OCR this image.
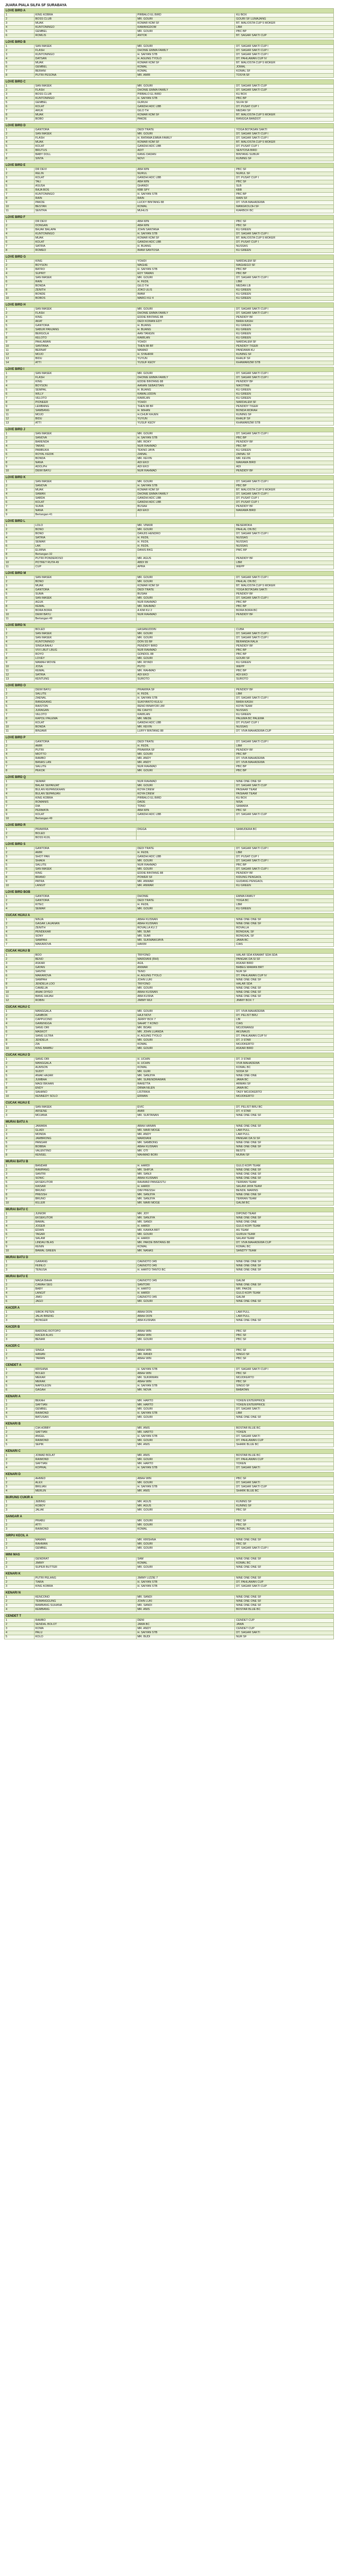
JUARA PIALA SILFA SF SURABAYA
LOVE BIRD A
1	KING KOBRA	PIRBALO EL BIRD	KU BOX
2	BOSS CLUB	MR. GOURI	GOURI SF LUMAJANG
3	MUAK	KOMAR KDM SF	BT. MALIOSTA CUP 5 MOKER
4	KUNTONINGO	KAMANGDOM	LBM
5	GEMBEL	MR. GOURI	PBC BP
6	ROMLIS	ANTOK	BT. SAGAR SAKTI CUP
LOVE BIRD B
1	SAN MASEK	MR. GOURI	DT. SAGAR SAKTI CUP I
2	FLASH	DHONIE EMMA FAMILY	DT. SAGAR SAKTI CUP I
3	KUNTONINGO	H. SAIYAN STB	DT. SAGAR SAKTI CUP I
4	DATSAN	H. AGUNG TYOLO	DT. PAHLAWAN CUP IV
5	MUAK	KOMAR KDM SF	BT. MALIOSTA CUP 5 MOKER
6	GEMBEL	KOMAL	JOMAL
7	BERANI	KOMAL	KOMAL SF
8	PUTRI PESONA	MR. AMIR	TOSYA SF
LOVE BIRD C
1	SAN MASEK	MR. GOURI	DT. SAGAR SAKTI CUP
2	FLASH	DHONIE EMMA FAMILY	DT. SAGAR SAKTI CUP
3	BOSS CLUB	PIRBALO EL BIRD	KU BOX
4	KUNTONINGO	H. SAIYAN STB	PBC BP
5	GEMBEL	GURUH	SILFA SF
6	KOLAT	GANDHI ADC LBB	DT. PUSAT CUP I
7	ARUK	GILO TH	MEDAN SF
8	MUAK	KOMAR KDM SF	BT. MALIOSTA CUP 5 MOKER
9	BOBO	PAKDE	RANGGA BANDOT
LOVE BIRD D
1	GANTORA	DEDI TRATE	YOGA BOTASAN SAKTI
2	SAN MASEK	MR. GOURI	DT. SAGAR SAKTI CUP I
3	FLASH	H. RATAMA EMMA FAMILY	DT. SAGAR SAKTI CUP I
4	MUAK	KOMAR KDM SF	BT. MALIOSTA CUP 5 MOKER
5	KOLAT	GANDHI ADC LBB	DT. PUSAT CUP I
6	BRUTUS	ADIT	SENTOSA BIRD
7	BABY DOLL	KANG DADAN	BINTANG SUBUR
8	SINTA	NOVI	KUNING SF
LOVE BIRD E
1	DR DEVI	ABA WIN	PBC SF
2	RELIN	NURUL	NURUL SF
3	KOLAT	GANDHI ADC LBB	DT. PUSAT CUP I
4	TALI	ABA WIN	PBC SF
5	ASUSA	GHANDI	SLB
6	RAJA BOS	KBB SPY	KBB
7	KUNTONINGO	H. SAIYAN STB	PBC BP
8	RAIN	RAIN	RAIN SF
9	PAKDE	LUCKY BINTANG 88	DT. VIVA MAHADEWA
10	BESTAN	KOMAL	MANGKOLOH SF
11	SENTRA	MUHLIS	KIARBOX BC
LOVE BIRD F
1	DR DEVI	ABA WIN	PBC SF
2	DONGAN	ABA WIN	PBC SF
3	BAJAK BALAPA	JOHN SANTANA	KU GREEN
4	KUNTONINGO	H. SAIYAN STB	DT. SAGAR SAKTI CUP I
5	MUAK	KOMAR KDM SF	BT. MALIOSTA CUP 5 MOKER
6	KOLAT	GANDHI ADC LBB	DT. PUSAT CUP I
7	SATRIA	H. BUANG	NUSSAS
8	ROMEO	IMAM SANTOSA	KU GREEN
LOVE BIRD G
1	KING	YOHDI	NARDALEM SF
2	BOYSON	MAGHE	MAGHEGO SF
3	BATRO	H. SAIYAN STB	PBC BP
4	SUPRIT	EDY TAMAN	PBC BP
5	SAN MASEK	MR. GOURI	DT. SAGAR SAKTI CUP I
6	RAIN	H. FEDIL	LBM
7	BONDA	GILO TH	MEDAN LB
8	ZENITH	JOKO ULIS	KU GREEN
9	BONDE	IMAM	KU GREEN
10	BOBOS	MARCI KU 4	KU GREEN
LOVE BIRD H
1	SAN MASEK	MR. GOURI	DT. SAGAR SAKTI CUP I
2	FLASH	DHONIE EMMA FAMILY	DT. SAGAR SAKTI CUP I
3	KING	EDDIE BINTANG 88	PENDIDY BF
4	AKAT	DEDI KOMAN EDY	BARA KASIH
5	GANTORA	H. BUANG	KU GREEN
6	SABUR PANJANG	H. BUANG	KU GREEN
7	BERGOLA	AAN TANGIN	KU GREEN
8	KELOTO	KAWILAN	KU GREEN
9	PAHLAWAN	YOHDI	NARDALEM SF
10	SANTANA	THEN 88 BF	PENDIDY TIGER
11	BERNAT	MAMAD	PANDAWA KU
12	MOJO	H. SYAHRIR	KUNING SF
13	BIDU	YUYUN	KHALIF SF
14	ATTI	YUSUF KEDY	KHAWARIZMI STB
LOVE BIRD I
1	SAN MASEK	MR. GOURI	DT. SAGAR SAKTI CUP I
2	FLASH	DHONIE EMMA FAMILY	DT. SAGAR SAKTI CUP I
3	KING	EDDIE BINTANG 88	PENDIDY BF
4	BOYSON	AANAN SEBASTIAN	NIKOTINE
5	SEMPAL	H. BUANG	KU GREEN
6	WILLY	KAMALUDDIN	KU GREEN
7	VELOTO	KAWILAN	KU GREEN
8	PIONEER	YOHDI	NARDALEM SF
9	LEMBANG	THEN 88 BF	PENDIDY TIGER
10	SAMBANG	H. MIHAN	BONDA MORAH
11	MOJO	H.CHUR KAJEN	KUNING SF
12	BIDU	YUYUN	KHALIF SF
13	ATTI	YUSUF KEDY	KHAWARIZMI STB
LOVE BIRD J
1	SAN MASEK	MR. GOURI	DT. SAGAR SAKTI CUP I
2	SANOVA	H. SAIYAN STB	PBC BP
3	BARENDA	MR. ROKY	PENDIDY BF
4	TARAS	NUR RAHMAD	PBC BP
5	PAMBUKA	TEKNO JAYA	KU GREEN
6	ROYAL KEDIK	ZAINAL	ZAINAL SF
7	BONDA	MR. KEVIN	MR. KEVIN
8	NANA	ADI EKO	MAKAMA BIRD
9	ADOLPH	ADI EKO	ADI
10	DEWI BAYU	NUR RAHMAD	PENDIDY BF
LOVE BIRD K
1	SAN MASEK	MR. GOURI	DT. SAGAR SAKTI CUP I
2	SANOVA	H. SAIYAN STB	PBC BP
3	MUAK	KOMAR KDM SF	BT. MALIOSTA CUP 5 MOKER
4	SAMAN	DHONIE EMMA FAMILY	DT. SAGAR SAKTI CUP I
5	SABDA	GANDHI ADC LBB	DT. PUSAT CUP I
6	KOLAT	GANDHI ADC LBB	DT. PUSAT CUP I
7	SUMA	BUSAH	PENDIDY BF
8	NANA	ADI EKO	MAKAMA BIRD
9	Bertangan 41		
LOVE BIRD L
1	LOLO	MR. VINKIR	BESEMOKA
2	BONO	MR. GOURI	PAHLAL ON BC
3	BONO	DANJIS HENDRO	DT. SAGAR SAKTI CUP I
4	SATRIA	H. FEDIL	NUSSAS
5	SEMAR	H. FEDIL	NUSSAS
6	LAK	H. FEDIL	NUSSAS
7	ELMINA	DANIS BKG	PMC BP
8	Bertangan 32		
9	PUTRI PONDEROSO	MR. AGUS	PENDIDY BF
10	POTRET RUTA 49	ABDI 99	LBM
11	CUP	APRA	WEPP
LOVE BIRD M
1	SAN MASEK	MR. GOURI	DT. SAGAR SAKTI CUP I
2	BONO	MR. GOURI	PAHLAL ON BC
3	MUAK	KOMAR KDM SF	BT. MALIOSTA CUP 5 MOKER
4	GANTORA	DEDI TRATE	YOGA BOTASAN SAKTI
5	SUMA	BUSAH	PENDIDY BF
6	SAN MASEK	MR. GOURI	DT. SAGAR SAKTI CUP I
7	AGUK	NUR RAHMAD	PBC BP
8	KEMAL	MR. RAHMAD	PBC BP
9	BORA BORA	A KIM KU 2	BORA BORA BC
10	DEWI BAYU	NUR RAHMAD	PENDIDY BF
11	Bertangan 49		
LOVE BIRD N
1	BOLED	HASANUDDIN	CUBA
2	SAN MASEK	MR. GOURI	DT. SAGAR SAKTI CUP I
3	SAN MASEK	MR. GOURI	DT. SAGAR SAKTI CUP I
4	KUNTONINGO	DON SS BF	BERANDA RALA
5	SINGA BAHU	PENDIDY BIRD	PENDIDY BF
6	VIVI LBUT LBUG	NUR RAHMAD	PBC BP
7	ROYO	GONDOL 88	PBC BP
8	LOVEY	MR. GOURI	GOURI SF
9	MAMAH MOVIE	MR. RIYADI	KU GREEN
10	JOSA	PUTO	WEPP
11	KEMAL	MR. RAHMAD	PBC BP
12	SATRIA	ADI EKO	ADI EKO
13	KENTUNG	SUROTO	SUROTO
LOVE BIRD O
1	DEWI BAYU	PRAWIRA SF	PENDIDY BF
2	SALUTE	H. FEDIL	LBM
3	ZAENAL	H. SAIYAN STB	DT. SAGAR SAKTI CUP I
4	RANGKANG	SUKIYANTO KULIU	BARA KASIH
5	RAISTON	RENO BINAYOR LBF	KOYA TEAM
6	JURAGAN	RE CAHYO	NUSSAS
7	VELOTO	KAWILAN	KU GREEN
8	KAPOLI PALEMA	MR. MEDE	PALEMA BC PALEMA
9	KOLAT	GANDHI ADC LBB	DT. PUSAT CUP I
10	BONDA	MR. KEVIN	NUSSAS
11	BINJAMI	LUFFY BINTANG 88	DT. VIVA MAHADEWA CUP
LOVE BIRD P
1	GANTORA	DEDI TRATE	DT. SAGAR SAKTI CUP I
2	AMIR	H. FEDIL	LBM
3	PUTRI	PRAWIRA SF	PENDIDY BF
4	MIOTTO	MR. GOURI	PBC BP
5	RAMBO	MR. ANDY	DT. VIVA MAHADEWA
6	BANAS LAN	MR. ANDY	DT. VIVA MAHADEWA
7	SALUTE	NUR RAHMAD	PBC BP
8	PEKOK	MR. GOURI	PBC BP
LOVE BIRD Q
1	SEMAR	NUR RAHMAD	NINE ONE ONE SF
2	BALAK SEPANJAT	MR. GOURI	DT. SAGAR SAKTI CUP
3	BULAN KEPANGKAAN	KOYA CREW	PASIAAR TEAM
4	BULAN SEPANJAN	KOYA CREW	PASIAAR TEAM
5	KING KOBRA	PIRBALO EL BIRD	KU BOX
6	ROMANIS	DADE	NISA
7	DIA	TONO	SAMARA
8	PERMATA	ABA WIN	PBC SF
9	KOLAT	GANDHI ADC LBB	DT. SAGAR SAKTI CUP
10	Bertangan 49		
LOVE BIRD R
1	PRAWIRA	DIGGA	SAMUDERA BC
2	BOLED		
3	BOSS KIJIL		
LOVE BIRD S
1	GANTORA	DEDI TRATE	DT. SAGAR SAKTI CUP I
2	AMIR	H. FEDIL	LBM
3	SHOT PAN	GANDHI ADC LBB	DT. PUSAT CUP I
4	SHAKA	MR. GOURI	DT. SAGAR SAKTI CUP I
5	SALUTE	NUR RAHMAD	PBC BP
6	SAN MASEK	MR. GOURI	DT. SAGAR SAKTI CUP I
7	KING	EDDIE BINTANG 88	PENDIDY BF
8	BRANO	POWER SF	KIDUNG PENGAOL
9	PATRA	MR. ANWAR	GUDANG PENGAOL
10	LANGIT	MR. ANWAR	KU GREEN
LOVE BIRD BOB
1	GANTORA	DHONIE	EMMA FAMILY
2	GANTORA	DEDI TRATE	YOGA BC
3	KITEC	H. FEDIL	LBM
4	SEMAR	MR. GOURI	KU GREEN
CUCAK HIJAU A
1	NINJA	ABAH KUSNAN	NINE ONE ONE SF
2	GAGAK LAUANAN	ABAH KUSNAN	NINE ONE ONE SF
3	ZENITH	ROVALLA KU 2	ROVALLA
4	PENDEKAR	MR. SUMI	BONGKAL SF
5	SONY	MR. SUMI	BONGKAL SF
6	SAMPAH	MR. SUKMAWIJAYA	JAWA BC
7	MAKAROVA	HAKIM	CIAS
CUCAK HIJAU B
1	BOO	TRIYONO	HALAR SDA KRAMAT SDA SDA
2	BENO	MARDIANI (RHI)	PANGAK DA SI SF
3	ASKAR	AGIL	ASKAR BIRD
4	GAYAN	ANWAR	BABEG MAWAN BRT
5	SANTRI	TENO	NUR SF
6	MAKAROVA	H. AGUNG TYOLO	DT. PAHLAWAN CUP IV
7	SAMPAH	JOHN LUKI	NINE ONE ONE SF
8	JENDELA LOO	TRIYONO	HALAR SDA
9	CAMELIA	MR. GOURI	NINE ONE ONE SF
10	ANAK DIYEO	ABAH KUSNAN	NINE ONE ONE SF
11	BANG HAJAH	ABA KUSNA	NINE ONE ONE SF
12	ROBIN	JIMMY MUI	JIMMY BOX 7
CUCAK HIJAU C
1	MANGGALA	MR. GOURI	DT. VIVA MAHADEWA
2	GAMBOK	HAJI NOVI	DT. PELIST BRU
3	CAPPUCINO	JERRY BOX 7	LBI
4	GARENGGA	SAHAT 7 KONO	CIAS
5	SANG ORI	MR. BOAN	MOJOWANGI
6	MASKOT	MR. JOHN LUANDA	AKUNAUS
7	SANG ULTRA	H. AGUNG TYOLO	DT. PAHLAWAN CUP IV
8	JENDELA	MR. GOURI	DT. 3 STAR
9	ZIA	KOMAL	MOJOKERTO
10	KING BAMBU	MR. GOURI	ASKAR BIRD
CUCAK HIJAU D
1	SANG ORI	H. UCHIN	DT. 3 STAR
2	MANGGALA	H. UCHIN	VIVA MAHADEWA
3	AUMSON	KOMAL	KOMAL BC
4	SUDIT	MR. GURI	SODA SF
5	ANAK HAJAR	MR. SANJIYA	NINE ONE ONE
6	JUMBAA	MR. SURENDRAWAN	JAWA BC
7	MAGI BIKAAN	RAKETTA	ARMAN SF
8	ENDY	DRMA NILEN	JAWA BC
9	SAHANO	LISTRIKA	TASY MOJOKERTO
10	KENNEDY SOLO	ERWAN	MOJOKERTO
CUCAK HIJAU E
1	SAN MASEK	EVIC	DT. PELIST BRU BC
2	ARSENE	AMIR	DT. 4 STAR
3	MOJANA	MR. SURTANAN	NINE ONE ONE SF
MURAI BATU A
1	JAWARA	ABAH HANAN	NINE ONE ONE SF
2	GLADI	MR. MARI MOGE	LAM PULL
3	MONDA	MR. ANDY	LAM PULL
4	JAMBRONG	MARDIANI	PANGAK DA SI SF
5	PANGAR	MR. SAMBONG	NINE ONE ONE SF
6	BOBBIA	ABAH KUSNAN	NINE ONE ONE SF
7	VALENTINO	MR. OTI	BESTS
8	KENSEL	MAHMAD BORI	MURAI SF
MURAI BATU B
1	BANDAR	H. HARDI	GULO KOPI TEAM
2	RAMPANG	MR. SHIPJA	NINE ONE ONE SF
3	SANTRI	MR. SANJI	NINE ONE ONE SF
4	SONIC	ABAH KUSNAN	NINE ONE ONE SF
5	EKSEKUTOR	RAHMAD PANGESTU	TERRAN TEAM
6	KAISAR	H. HARDI	SALAM JAYA TEAM
7	BRUNO	DIM PRESSH	BENDIL MARINS
8	PRESSH	MR. SANJIYA	NINE ONE ONE SF
9	BRUNO	MR. SANJIYA	TERRAN TEAM
10	KILLER	MR. MARI MOGE	GALIM BC
MURAI BATU C
1	JUNIOR	MR. JOY	DIPONO TEAM
2	EKSEKUTOR	MR. SANJIYA	NINE ONE ONE SF
3	BAWAL	MR. SANDI	NINE ONE ONE
4	JOGER	H. HARDI	GULO KOPI TEAM
5	EDIAN	MR. KAWKA BRT	AS TEAM
6	TAGAR	MR. GOURI	GURUH TEAM
7	SALAM	H. HARDI	SALAM TEAM
8	LINDAU BLAS	MR. PAKDE BINTANG 88	DT. VIVA MAHADEWA CUP
9	KENIN	KOMAL	KOMAL BC
10	BAWAL GREEN	MR. NANAS	SANDTY TEAM
MURAI BATU D
1	GARANG	CAENOTO 345	NINE ONE ONE SF
2	FEINLO	CAENOTO 345	NINE ONE ONE SF
3	TENUSA	H. HARTO TANTO BC	NINE ONE ONE SF
MURAI BATU E
1	MAGA BAHA	CAENOTO 345	GALIM
2	CAMAH SEG	SANTORI	NINE ONE ONE SF
3	BABY	H. HARTO	MR. PAKDE
4	LANGIT	H. HARDI	GULO KOPI TEAM
5	JIMO	CAENOTO 345	GALIM
6	JAGO	MR. GOURI	NINE ONE ONE SF
KACER A
1	SIBOK PETEN	ABAH DON	LAM PULL
2	JALAI BRENG	ABAH DON	LAM PULL
3	BONGER	ABA KUSNAN	NINE ONE ONE SF
KACER B
1	BARONG ROTOPO	ABAH WIN	PBC SF
2	KACER ALAS	ABAH WIN	PBC SF
3	BENAR	MR. GOURI	PBC SF
KACER C
1	SINGA	ABAH WIN	PBC SF
2	HANAN	MR. RANDI	SINGO SF
3	TAMAN	ABAH WIN	PBC SF
CENDET A
1	KRISHNA	H. SAIYAN STB	DT. SAGAR SAKTI CUP I
2	BOLED	ABAH WIN	PBC SF
3	MEKAR	MR. SUKIRMAN	MOJOKERTO
4	MERAK	ABAH WIN	PBC SF
5	NAPOLEON	H. SAIYAN STB	SINGO SF
6	GAGAH	MR. NOVA	BABATAN
KENARI A
1	BEKAH	MR. HARTO	YOKEN ENTERPRICE
2	SAFTIAN	MR. HARTO	YOKEN ENTERPRICE
3	GEMBEL	MR. GOURI	DT. SAGAR SAKTI
4	RAIMOND	H. SAIYAN STB	LBM
5	BATUSAN	MR. GOURI	NINE ONE ONE SF
KENARI B
1	CIA HOBBY	MR. ANIS	BOSTAR BLUE BC
2	SAFTIAN	MR. HARTO	YOKEN
3	ANGEL	H. SAIYAN STB	DT. SAGAR SAKTI
4	RAIMOND	MR. GOURI	DT. PAHLAWAN CUP
5	SEPIK	MR. ANIS	SHARK BLUE BC
KENARI C
1	JOMAD BOLAT	MR. ANIS	BOSTAR BLUE BC
2	RAIMOND	MR. GOURI	DT. PAHLAWAN CUP
3	SAFTIAN	MR. HARTO	YOKEN
4	KOPRAL	H. SAIYAN STB	DT. SAGAR SAKTI
KENARI D
1	AHMED	ABAH WIN	PBC SF
2	ALEX	MR. GOURI	DT. SAGAR SAKTI
3	BRILIAN	H. SAIYAN STB	DT. SAGAR SAKTI CUP
4	MERLIN	MR. ANIS	SHARK BLUE BC
BURUNG CUKIR A
1	JEBING	MR. AGUS	KUNING SF
2	KOBOY	MR. AGUS	KUNING SF
3	JALAK	MR. GOURI	PBC SF
SANGAR A
1	PRABU	MR. GOURI	PBC SF
2	ATTI	MR. GOURI	PBC SF
3	RAIMOND	KOMAL	KOMAL BC
SIRPU KECIL A
1	MAMAN	MR. KRISHNA	NINE ONE ONE SF
2	RAHMAN	MR. GOURI	PBC SF
3	GEMBEL	MR. GOURI	DT. SAGAR SAKTI CUP I
MINI MAS
1	GENDRAT	SAM	NINE ONE ONE SF
2	JIMMY	KOMAL	KOMAL BC
3	SUPER BUTTER	MR. GOURI	NINE ONE ONE SF
KENARI K
1	PUTRI PELANG	JIMMY LIZZIE 7	NINE ONE ONE SF
2	TIARA	H. SAIYAN STB	DT. PAHLAWAN CUP
3	KING KOBRA	H. SAIYAN STB	DT. SAGAR SAKTI CUP
KENARI N
1	KENCONO	MR. SANDI	NINE ONE ONE SF
2	TEMANGGUNG	JOHN LUKI	NINE ONE ONE SF
3	BAMBANG SUHANA	MR. SANDI	NINE ONE ONE SF
4	KEMBANG	MR. ANIS	BOSTAR BLUE BC
CENDET T
1	RAMBO	DENI	CENDET CUP
2	SENDAL BOLOT	JAWA BC	JAWA
3	KOMA	MR. ANDY	CENDET CUP
4	PALU	H. SAIYAN STB	DT. SAGAR SAKTI
5	KOLO	MR. BUDI	NUR SF
